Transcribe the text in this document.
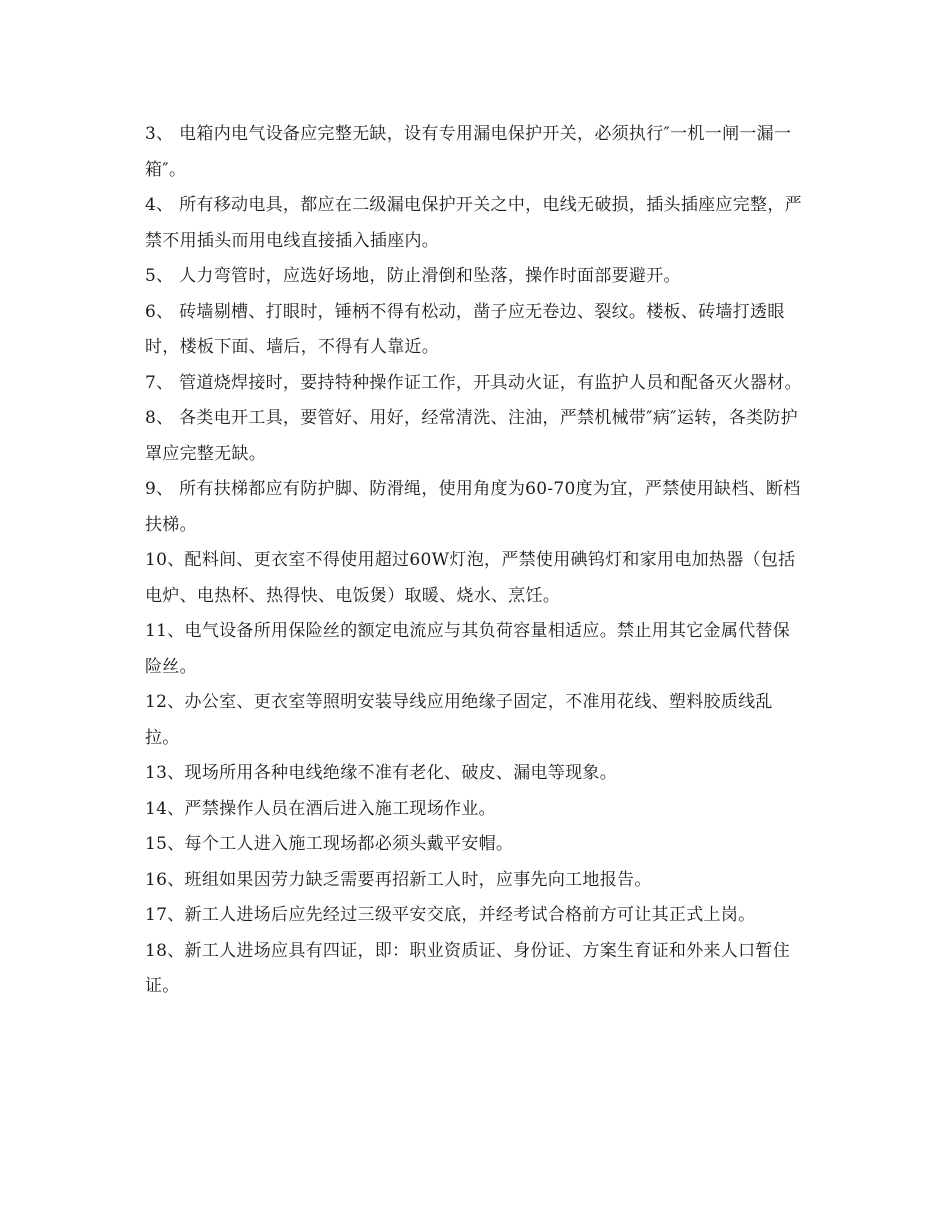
3、 电箱内电气设备应完整无缺，设有专用漏电保护开关，必须执行″一机一闸一漏一箱″。

4、 所有移动电具，都应在二级漏电保护开关之中，电线无破损，插头插座应完整，严禁不用插头而用电线直接插入插座内。

5、 人力弯管时，应选好场地，防止滑倒和坠落，操作时面部要避开。

6、 砖墙剔槽、打眼时，锤柄不得有松动，凿子应无卷边、裂纹。楼板、砖墙打透眼时，楼板下面、墙后，不得有人靠近。

7、 管道烧焊接时，要持特种操作证工作，开具动火证，有监护人员和配备灭火器材。

8、 各类电开工具，要管好、用好，经常清洗、注油，严禁机械带″病″运转，各类防护罩应完整无缺。

9、 所有扶梯都应有防护脚、防滑绳，使用角度为60-70度为宜，严禁使用缺档、断档扶梯。

10、配料间、更衣室不得使用超过60W灯泡，严禁使用碘钨灯和家用电加热器（包括电炉、电热杯、热得快、电饭煲）取暖、烧水、烹饪。

11、电气设备所用保险丝的额定电流应与其负荷容量相适应。禁止用其它金属代替保险丝。

12、办公室、更衣室等照明安装导线应用绝缘子固定，不准用花线、塑料胶质线乱拉。

13、现场所用各种电线绝缘不准有老化、破皮、漏电等现象。

14、严禁操作人员在酒后进入施工现场作业。

15、每个工人进入施工现场都必须头戴平安帽。

16、班组如果因劳力缺乏需要再招新工人时，应事先向工地报告。

17、新工人进场后应先经过三级平安交底，并经考试合格前方可让其正式上岗。

18、新工人进场应具有四证，即：职业资质证、身份证、方案生育证和外来人口暂住证。
